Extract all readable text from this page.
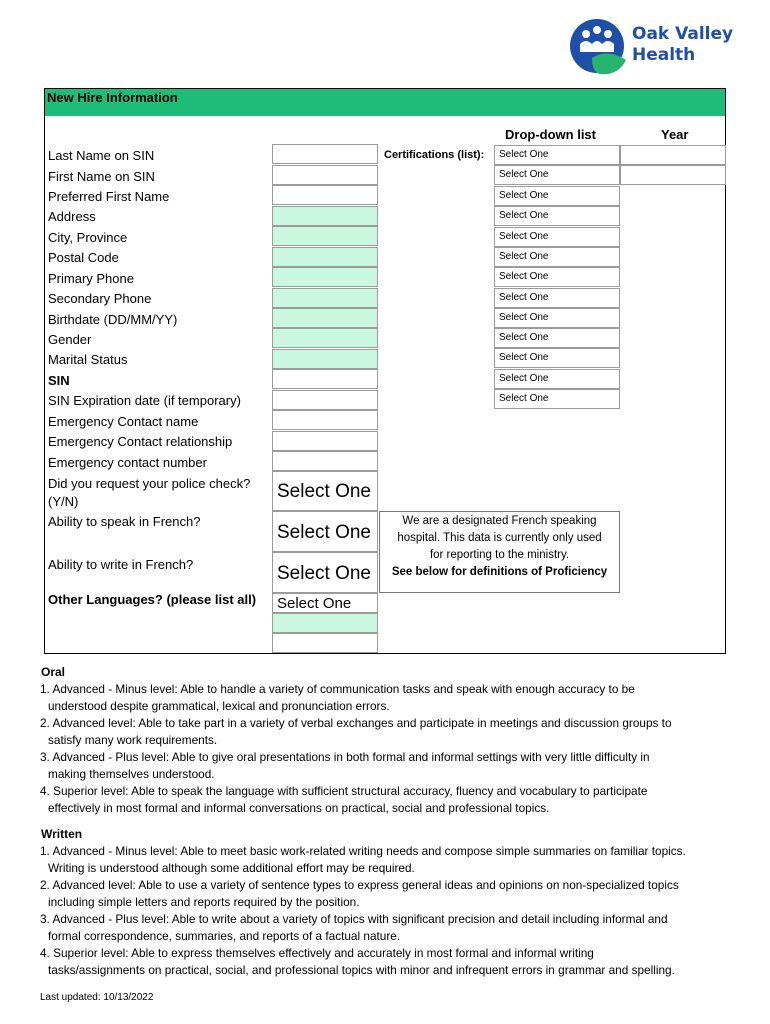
Oak Valley
Health
New Hire Information
Last Name on SIN
First Name on SIN
Preferred First Name
Address
City, Province
Postal Code
Primary Phone
Secondary Phone
Birthdate (DD/MM/YY)
Gender
Marital Status
SIN
SIN Expiration date (if temporary)
Emergency Contact name
Emergency Contact relationship
Emergency contact number
Did you request your police check?
(Y/N)
Ability to speak in French?
Ability to write in French?
Other Languages? (please list all)
Select One
Select One
Select One
Select One
Drop-down list	Year
Certifications (list):	Select One
Select One
Select One
Select One
Select One
Select One
Select One
Select One
Select One
Select One
Select One
Select One
Select One
We are a designated French speaking
hospital. This data is currently only used
for reporting to the ministry.
See below for definitions of Proficiency
Oral
1. Advanced - Minus level: Able to handle a variety of communication tasks and speak with enough accuracy to be
understood despite grammatical, lexical and pronunciation errors.
2. Advanced level: Able to take part in a variety of verbal exchanges and participate in meetings and discussion groups to
satisfy many work requirements.
3. Advanced - Plus level: Able to give oral presentations in both formal and informal settings with very little difficulty in
making themselves understood.
4. Superior level: Able to speak the language with sufficient structural accuracy, fluency and vocabulary to participate
effectively in most formal and informal conversations on practical, social and professional topics.
Written
1. Advanced - Minus level: Able to meet basic work-related writing needs and compose simple summaries on familiar topics.
Writing is understood although some additional effort may be required.
2. Advanced level: Able to use a variety of sentence types to express general ideas and opinions on non-specialized topics
including simple letters and reports required by the position.
3. Advanced - Plus level: Able to write about a variety of topics with significant precision and detail including informal and
formal correspondence, summaries, and reports of a factual nature.
4. Superior level: Able to express themselves effectively and accurately in most formal and informal writing
tasks/assignments on practical, social, and professional topics with minor and infrequent errors in grammar and spelling.
Last updated: 10/13/2022
